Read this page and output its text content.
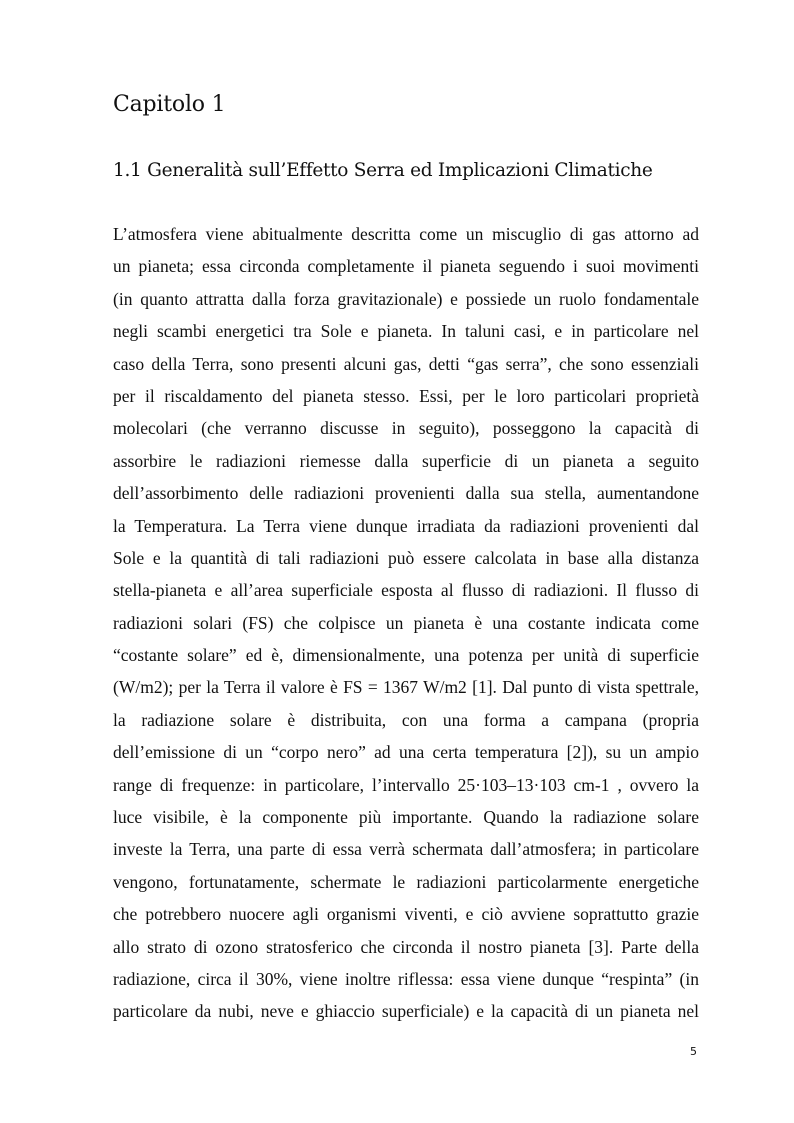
Capitolo 1
1.1 Generalità sull’Effetto Serra ed Implicazioni Climatiche
L’atmosfera viene abitualmente descritta come un miscuglio di gas attorno ad
un pianeta; essa circonda completamente il pianeta seguendo i suoi movimenti
(in quanto attratta dalla forza gravitazionale) e possiede un ruolo fondamentale
negli scambi energetici tra Sole e pianeta. In taluni casi, e in particolare nel
caso della Terra, sono presenti alcuni gas, detti “gas serra”, che sono essenziali
per il riscaldamento del pianeta stesso. Essi, per le loro particolari proprietà
molecolari (che verranno discusse in seguito), posseggono la capacità di
assorbire le radiazioni riemesse dalla superficie di un pianeta a seguito
dell’assorbimento delle radiazioni provenienti dalla sua stella, aumentandone
la Temperatura. La Terra viene dunque irradiata da radiazioni provenienti dal
Sole e la quantità di tali radiazioni può essere calcolata in base alla distanza
stella-pianeta e all’area superficiale esposta al flusso di radiazioni. Il flusso di
radiazioni solari (FS) che colpisce un pianeta è una costante indicata come
“costante solare” ed è, dimensionalmente, una potenza per unità di superficie
(W/m2); per la Terra il valore è FS = 1367 W/m2 [1]. Dal punto di vista spettrale,
la radiazione solare è distribuita, con una forma a campana (propria
dell’emissione di un “corpo nero” ad una certa temperatura [2]), su un ampio
range di frequenze: in particolare, l’intervallo 25·103–13·103 cm-1 , ovvero la
luce visibile, è la componente più importante. Quando la radiazione solare
investe la Terra, una parte di essa verrà schermata dall’atmosfera; in particolare
vengono, fortunatamente, schermate le radiazioni particolarmente energetiche
che potrebbero nuocere agli organismi viventi, e ciò avviene soprattutto grazie
allo strato di ozono stratosferico che circonda il nostro pianeta [3]. Parte della
radiazione, circa il 30%, viene inoltre riflessa: essa viene dunque “respinta” (in
particolare da nubi, neve e ghiaccio superficiale) e la capacità di un pianeta nel
5
